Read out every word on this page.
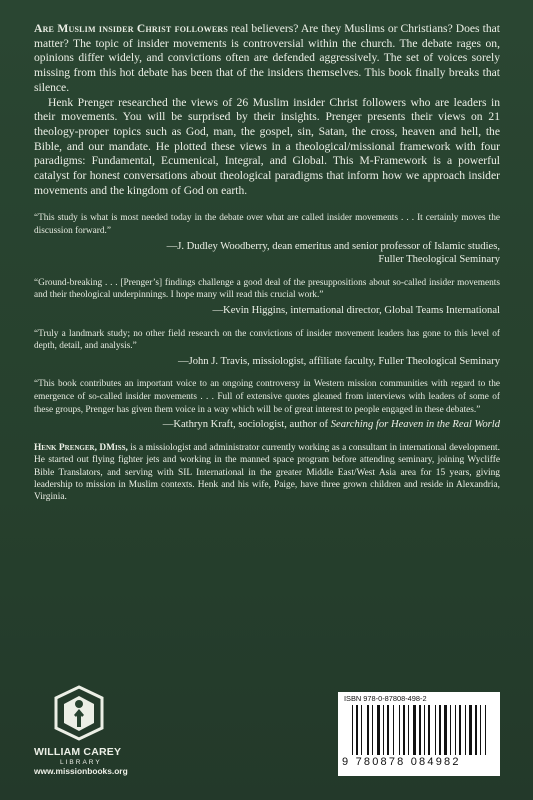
Are Muslim insider Christ followers real believers? Are they Muslims or Christians? Does that matter? The topic of insider movements is controversial within the church. The debate rages on, opinions differ widely, and convictions often are defended aggressively. The set of voices sorely missing from this hot debate has been that of the insiders themselves. This book finally breaks that silence.

Henk Prenger researched the views of 26 Muslim insider Christ followers who are leaders in their movements. You will be surprised by their insights. Prenger presents their views on 21 theology-proper topics such as God, man, the gospel, sin, Satan, the cross, heaven and hell, the Bible, and our mandate. He plotted these views in a theological/missional framework with four paradigms: Fundamental, Ecumenical, Integral, and Global. This M-Framework is a powerful catalyst for honest conversations about theological paradigms that inform how we approach insider movements and the kingdom of God on earth.

“This study is what is most needed today in the debate over what are called insider movements . . . It certainly moves the discussion forward.”

—J. Dudley Woodberry, dean emeritus and senior professor of Islamic studies,
Fuller Theological Seminary

“Ground-breaking . . . [Prenger’s] findings challenge a good deal of the presuppositions about so-called insider movements and their theological underpinnings. I hope many will read this crucial work.”

—Kevin Higgins, international director, Global Teams International

“Truly a landmark study; no other field research on the convictions of insider movement leaders has gone to this level of depth, detail, and analysis.”

—John J. Travis, missiologist, affiliate faculty, Fuller Theological Seminary

“This book contributes an important voice to an ongoing controversy in Western mission communities with regard to the emergence of so-called insider movements . . . Full of extensive quotes gleaned from interviews with leaders of some of these groups, Prenger has given them voice in a way which will be of great interest to people engaged in these debates.”

—Kathryn Kraft, sociologist, author of Searching for Heaven in the Real World

Henk Prenger, DMiss, is a missiologist and administrator currently working as a consultant in international development. He started out flying fighter jets and working in the manned space program before attending seminary, joining Wycliffe Bible Translators, and serving with SIL International in the greater Middle East/West Asia area for 15 years, giving leadership to mission in Muslim contexts. Henk and his wife, Paige, have three grown children and reside in Alexandria, Virginia.
WILLIAM CAREY
LIBRARY
www.missionbooks.org
ISBN 978-0-87808-498-2
9 780878 084982
